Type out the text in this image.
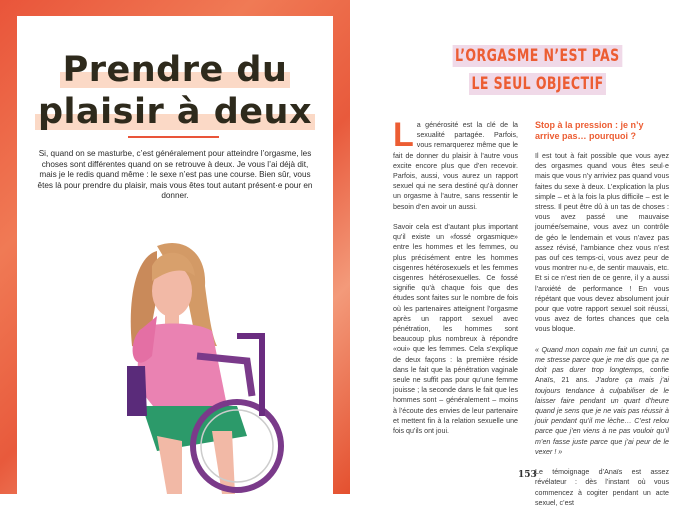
Prendre du
plaisir à deux
Si, quand on se masturbe, c’est généralement pour atteindre l’orgasme, les choses sont différentes quand on se retrouve à deux. Je vous l’ai déjà dit, mais je le redis quand même : le sexe n’est pas une course. Bien sûr, vous êtes là pour prendre du plaisir, mais vous êtes tout autant présent·e pour en donner.
L’ORGASME N’EST PAS
LE SEUL OBJECTIF

La générosité est la clé de la sexualité partagée. Parfois, vous remarquerez même que le fait de donner du plaisir à l’autre vous excite encore plus que d’en recevoir. Parfois, aussi, vous aurez un rapport sexuel qui ne sera destiné qu’à donner un orgasme à l’autre, sans ressentir le besoin d’en avoir un aussi.

Savoir cela est d’autant plus important qu’il existe un «fossé orgasmique» entre les hommes et les femmes, ou plus précisément entre les hommes cisgenres hétérosexuels et les femmes cisgenres hétérosexuelles. Ce fossé signifie qu’à chaque fois que des études sont faites sur le nombre de fois où les partenaires atteignent l’orgasme après un rapport sexuel avec pénétration, les hommes sont beaucoup plus nombreux à répondre «oui» que les femmes. Cela s’explique de deux façons : la première réside dans le fait que la pénétration vaginale seule ne suffit pas pour qu’une femme jouisse ; la seconde dans le fait que les hommes sont – généralement – moins à l’écoute des envies de leur partenaire et mettent fin à la relation sexuelle une fois qu’ils ont joui.

Stop à la pression : je n’y arrive pas… pourquoi ?

Il est tout à fait possible que vous ayez des orgasmes quand vous êtes seul·e mais que vous n’y arriviez pas quand vous faites du sexe à deux. L’explication la plus simple – et à la fois la plus difficile – est le stress. Il peut être dû à un tas de choses : vous avez passé une mauvaise journée/semaine, vous avez un contrôle de géo le lendemain et vous n’avez pas assez révisé, l’ambiance chez vous n’est pas ouf ces temps-ci, vous avez peur de vous montrer nu·e, de sentir mauvais, etc. Et si ce n’est rien de ce genre, il y a aussi l’anxiété de performance ! En vous répétant que vous devez absolument jouir pour que votre rapport sexuel soit réussi, vous avez de fortes chances que cela vous bloque.

« Quand mon copain me fait un cunni, ça me stresse parce que je me dis que ça ne doit pas durer trop longtemps, confie Anaïs, 21 ans. J’adore ça mais j’ai toujours tendance à culpabiliser de le laisser faire pendant un quart d’heure quand je sens que je ne vais pas réussir à jouir pendant qu’il me lèche… C’est relou parce que j’en viens à ne pas vouloir qu’il m’en fasse juste parce que j’ai peur de le vexer ! »

Le témoignage d’Anaïs est assez révélateur : dès l’instant où vous commencez à cogiter pendant un acte sexuel, c’est

153
